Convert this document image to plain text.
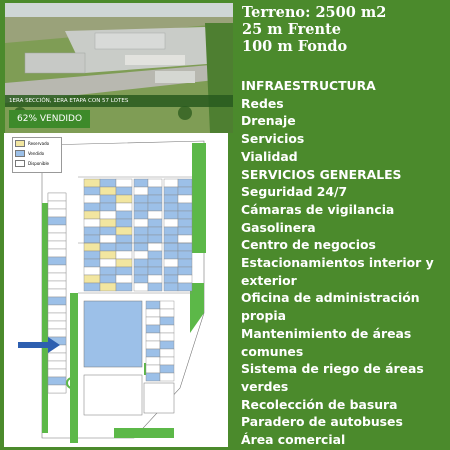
1ERA SECCIÓN, 1ERA ETAPA CON 57 LOTES
62% VENDIDO
Reservado
Vendido
Disponible
Terreno: 2500 m2
25 m Frente
100 m Fondo
INFRAESTRUCTURA
Redes
Drenaje
Servicios
Vialidad
SERVICIOS GENERALES
Seguridad 24/7
Cámaras de vigilancia
Gasolinera
Centro de negocios
Estacionamientos interior y
exterior
Oficina de administración
propia
Mantenimiento de áreas
comunes
Sistema de riego de áreas
verdes
Recolección de basura
Paradero de autobuses
Área comercial
